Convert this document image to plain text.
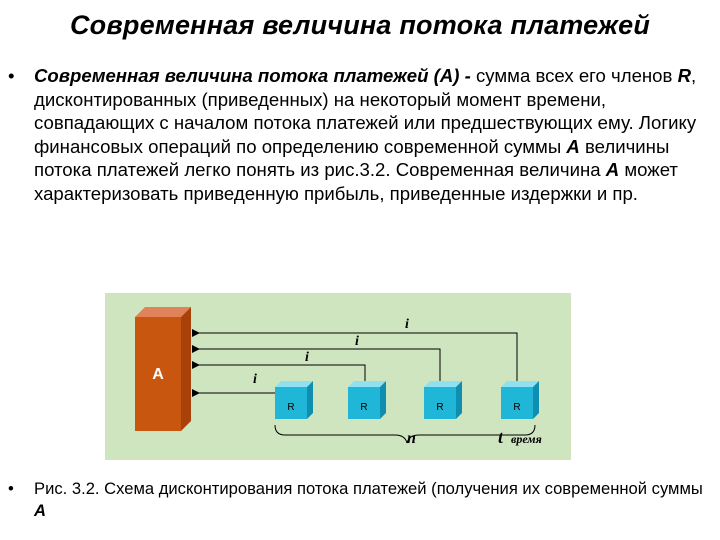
Современная величина потока платежей
• Современная величина потока платежей (А) - сумма всех его членов R, дисконтированных (приведенных) на некоторый момент времени, совпадающих с началом потока платежей или предшествующих ему. Логику финансовых операций по определению современной суммы А величины потока платежей легко понять из рис.3.2. Современная величина А может характеризовать приведенную прибыль, приведенные издержки и пр.
А
i
i
i
i
R	R	R	R
n	t время
• Рис. 3.2. Схема дисконтирования потока платежей (получения их современной суммы А
